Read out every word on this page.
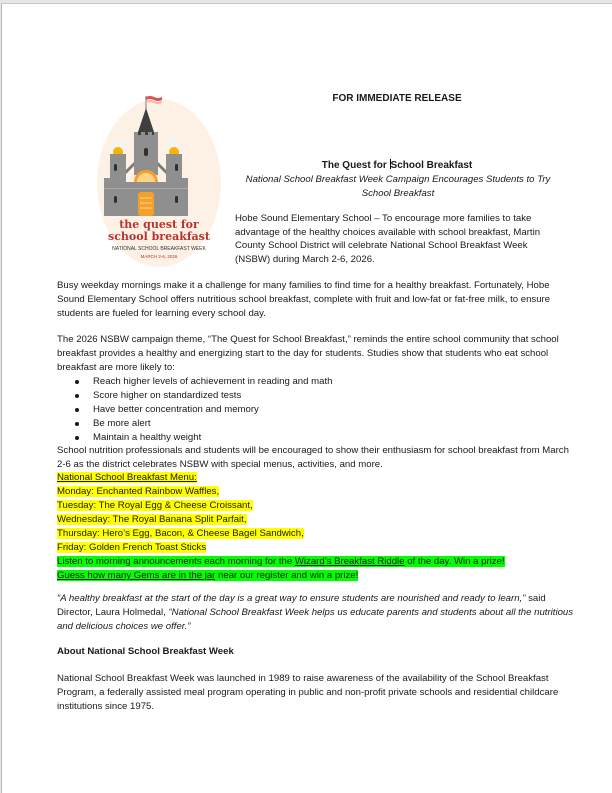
the quest for
school breakfast
NATIONAL SCHOOL BREAKFAST WEEK
MARCH 2-6, 2026
FOR IMMEDIATE RELEASE
The Quest for School Breakfast
National School Breakfast Week Campaign Encourages Students to Try School Breakfast
Hobe Sound Elementary School – To encourage more families to take advantage of the healthy choices available with school breakfast, Martin County School District will celebrate National School Breakfast Week (NSBW) during March 2-6, 2026.
Busy weekday mornings make it a challenge for many families to find time for a healthy breakfast. Fortunately, Hobe Sound Elementary School offers nutritious school breakfast, complete with fruit and low-fat or fat-free milk, to ensure students are fueled for learning every school day.
The 2026 NSBW campaign theme, “The Quest for School Breakfast,” reminds the entire school community that school breakfast provides a healthy and energizing start to the day for students. Studies show that students who eat school breakfast are more likely to:
Reach higher levels of achievement in reading and math
Score higher on standardized tests
Have better concentration and memory
Be more alert
Maintain a healthy weight
School nutrition professionals and students will be encouraged to show their enthusiasm for school breakfast from March 2-6 as the district celebrates NSBW with special menus, activities, and more.
National School Breakfast Menu:
Monday: Enchanted Rainbow Waffles,
Tuesday: The Royal Egg & Cheese Croissant,
Wednesday: The Royal Banana Split Parfait,
Thursday: Hero’s Egg, Bacon, & Cheese Bagel Sandwich,
Friday: Golden French Toast Sticks
Listen to morning announcements each morning for the Wizard’s Breakfast Riddle of the day. Win a prize!
Guess how many Gems are in the jar near our register and win a prize!
“A healthy breakfast at the start of the day is a great way to ensure students are nourished and ready to learn,” said Director, Laura Holmedal, “National School Breakfast Week helps us educate parents and students about all the nutritious and delicious choices we offer.”
About National School Breakfast Week
National School Breakfast Week was launched in 1989 to raise awareness of the availability of the School Breakfast Program, a federally assisted meal program operating in public and non-profit private schools and residential childcare institutions since 1975.
